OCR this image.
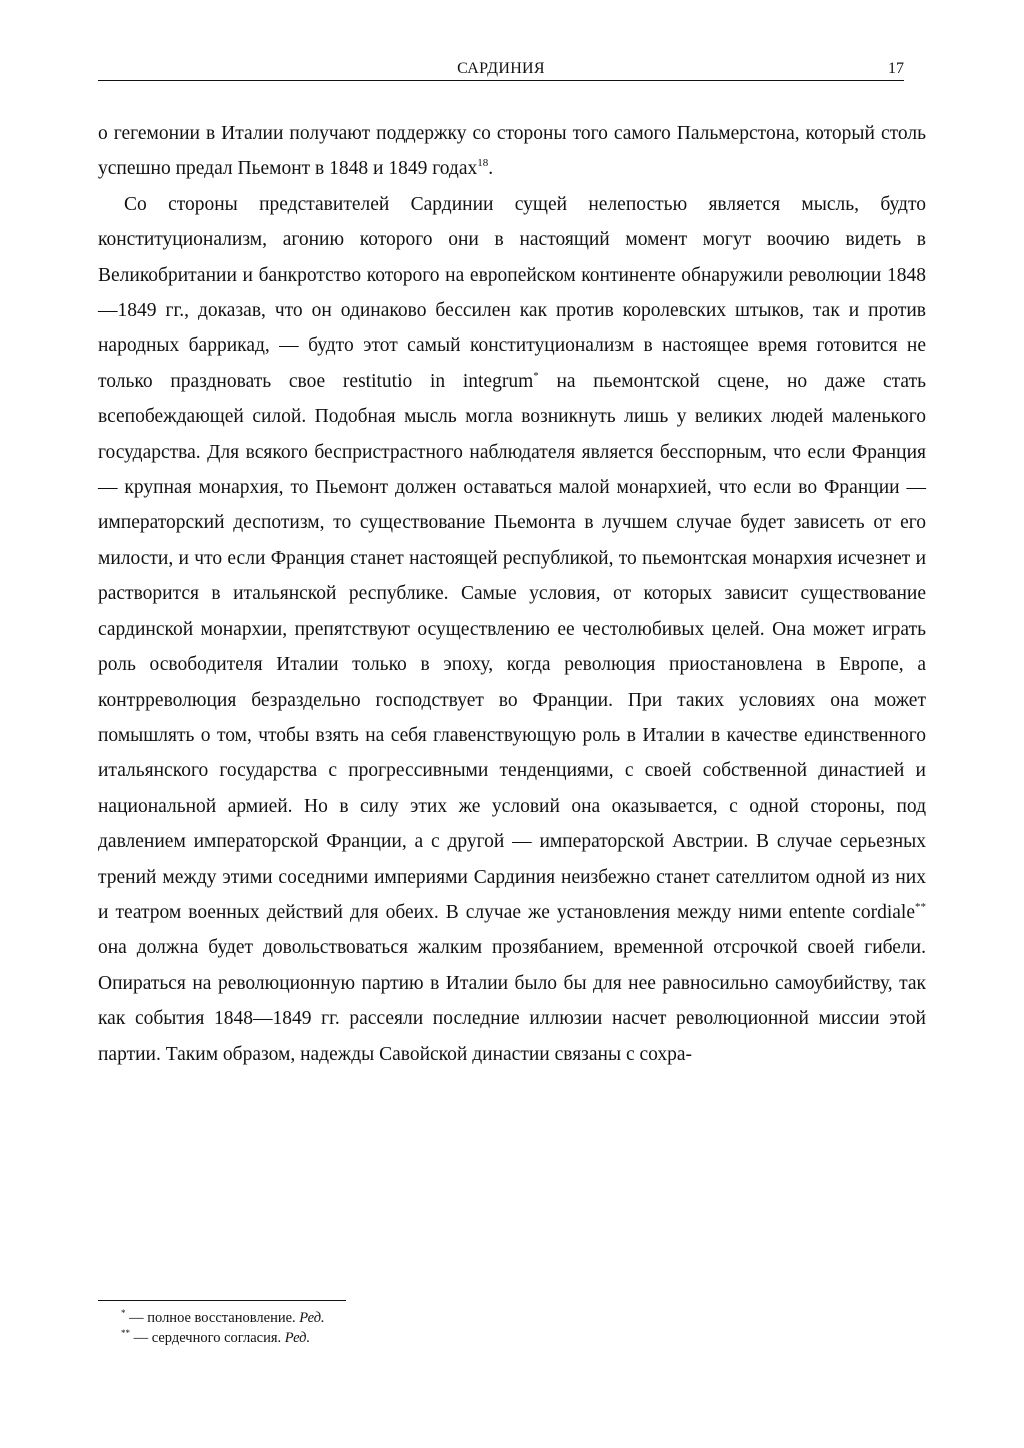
САРДИНИЯ	17

о гегемонии в Италии получают поддержку со стороны того самого Пальмерстона, который столь успешно предал Пьемонт в 1848 и 1849 годах$^{18}$.

Со стороны представителей Сардинии сущей нелепостью является мысль, будто конституционализм, агонию которого они в настоящий момент могут воочию видеть в Великобритании и банкротство которого на европейском континенте обнаружили революции 1848—1849 гг., доказав, что он одинаково бессилен как против королевских штыков, так и против народных баррикад, — будто этот самый конституционализм в настоящее время готовится не только праздновать свое restitutio in integrum* на пьемонтской сцене, но даже стать всепобеждающей силой. Подобная мысль могла возникнуть лишь у великих людей маленького государства. Для всякого беспристрастного наблюдателя является бесспорным, что если Франция — крупная монархия, то Пьемонт должен оставаться малой монархией, что если во Франции — императорский деспотизм, то существование Пьемонта в лучшем случае будет зависеть от его милости, и что если Франция станет настоящей республикой, то пьемонтская монархия исчезнет и растворится в итальянской республике. Самые условия, от которых зависит существование сардинской монархии, препятствуют осуществлению ее честолюбивых целей. Она может играть роль освободителя Италии только в эпоху, когда революция приостановлена в Европе, а контрреволюция безраздельно господствует во Франции. При таких условиях она может помышлять о том, чтобы взять на себя главенствующую роль в Италии в качестве единственного итальянского государства с прогрессивными тенденциями, с своей собственной династией и национальной армией. Но в силу этих же условий она оказывается, с одной стороны, под давлением императорской Франции, а с другой — императорской Австрии. В случае серьезных трений между этими соседними империями Сардиния неизбежно станет сателлитом одной из них и театром военных действий для обеих. В случае же установления между ними entente cordiale** она должна будет довольствоваться жалким прозябанием, временной отсрочкой своей гибели. Опираться на революционную партию в Италии было бы для нее равносильно самоубийству, так как события 1848—1849 гг. рассеяли последние иллюзии насчет революционной миссии этой партии. Таким образом, надежды Савойской династии связаны с сохра-

* — полное восстановление. Ред.
** — сердечного согласия. Ред.
